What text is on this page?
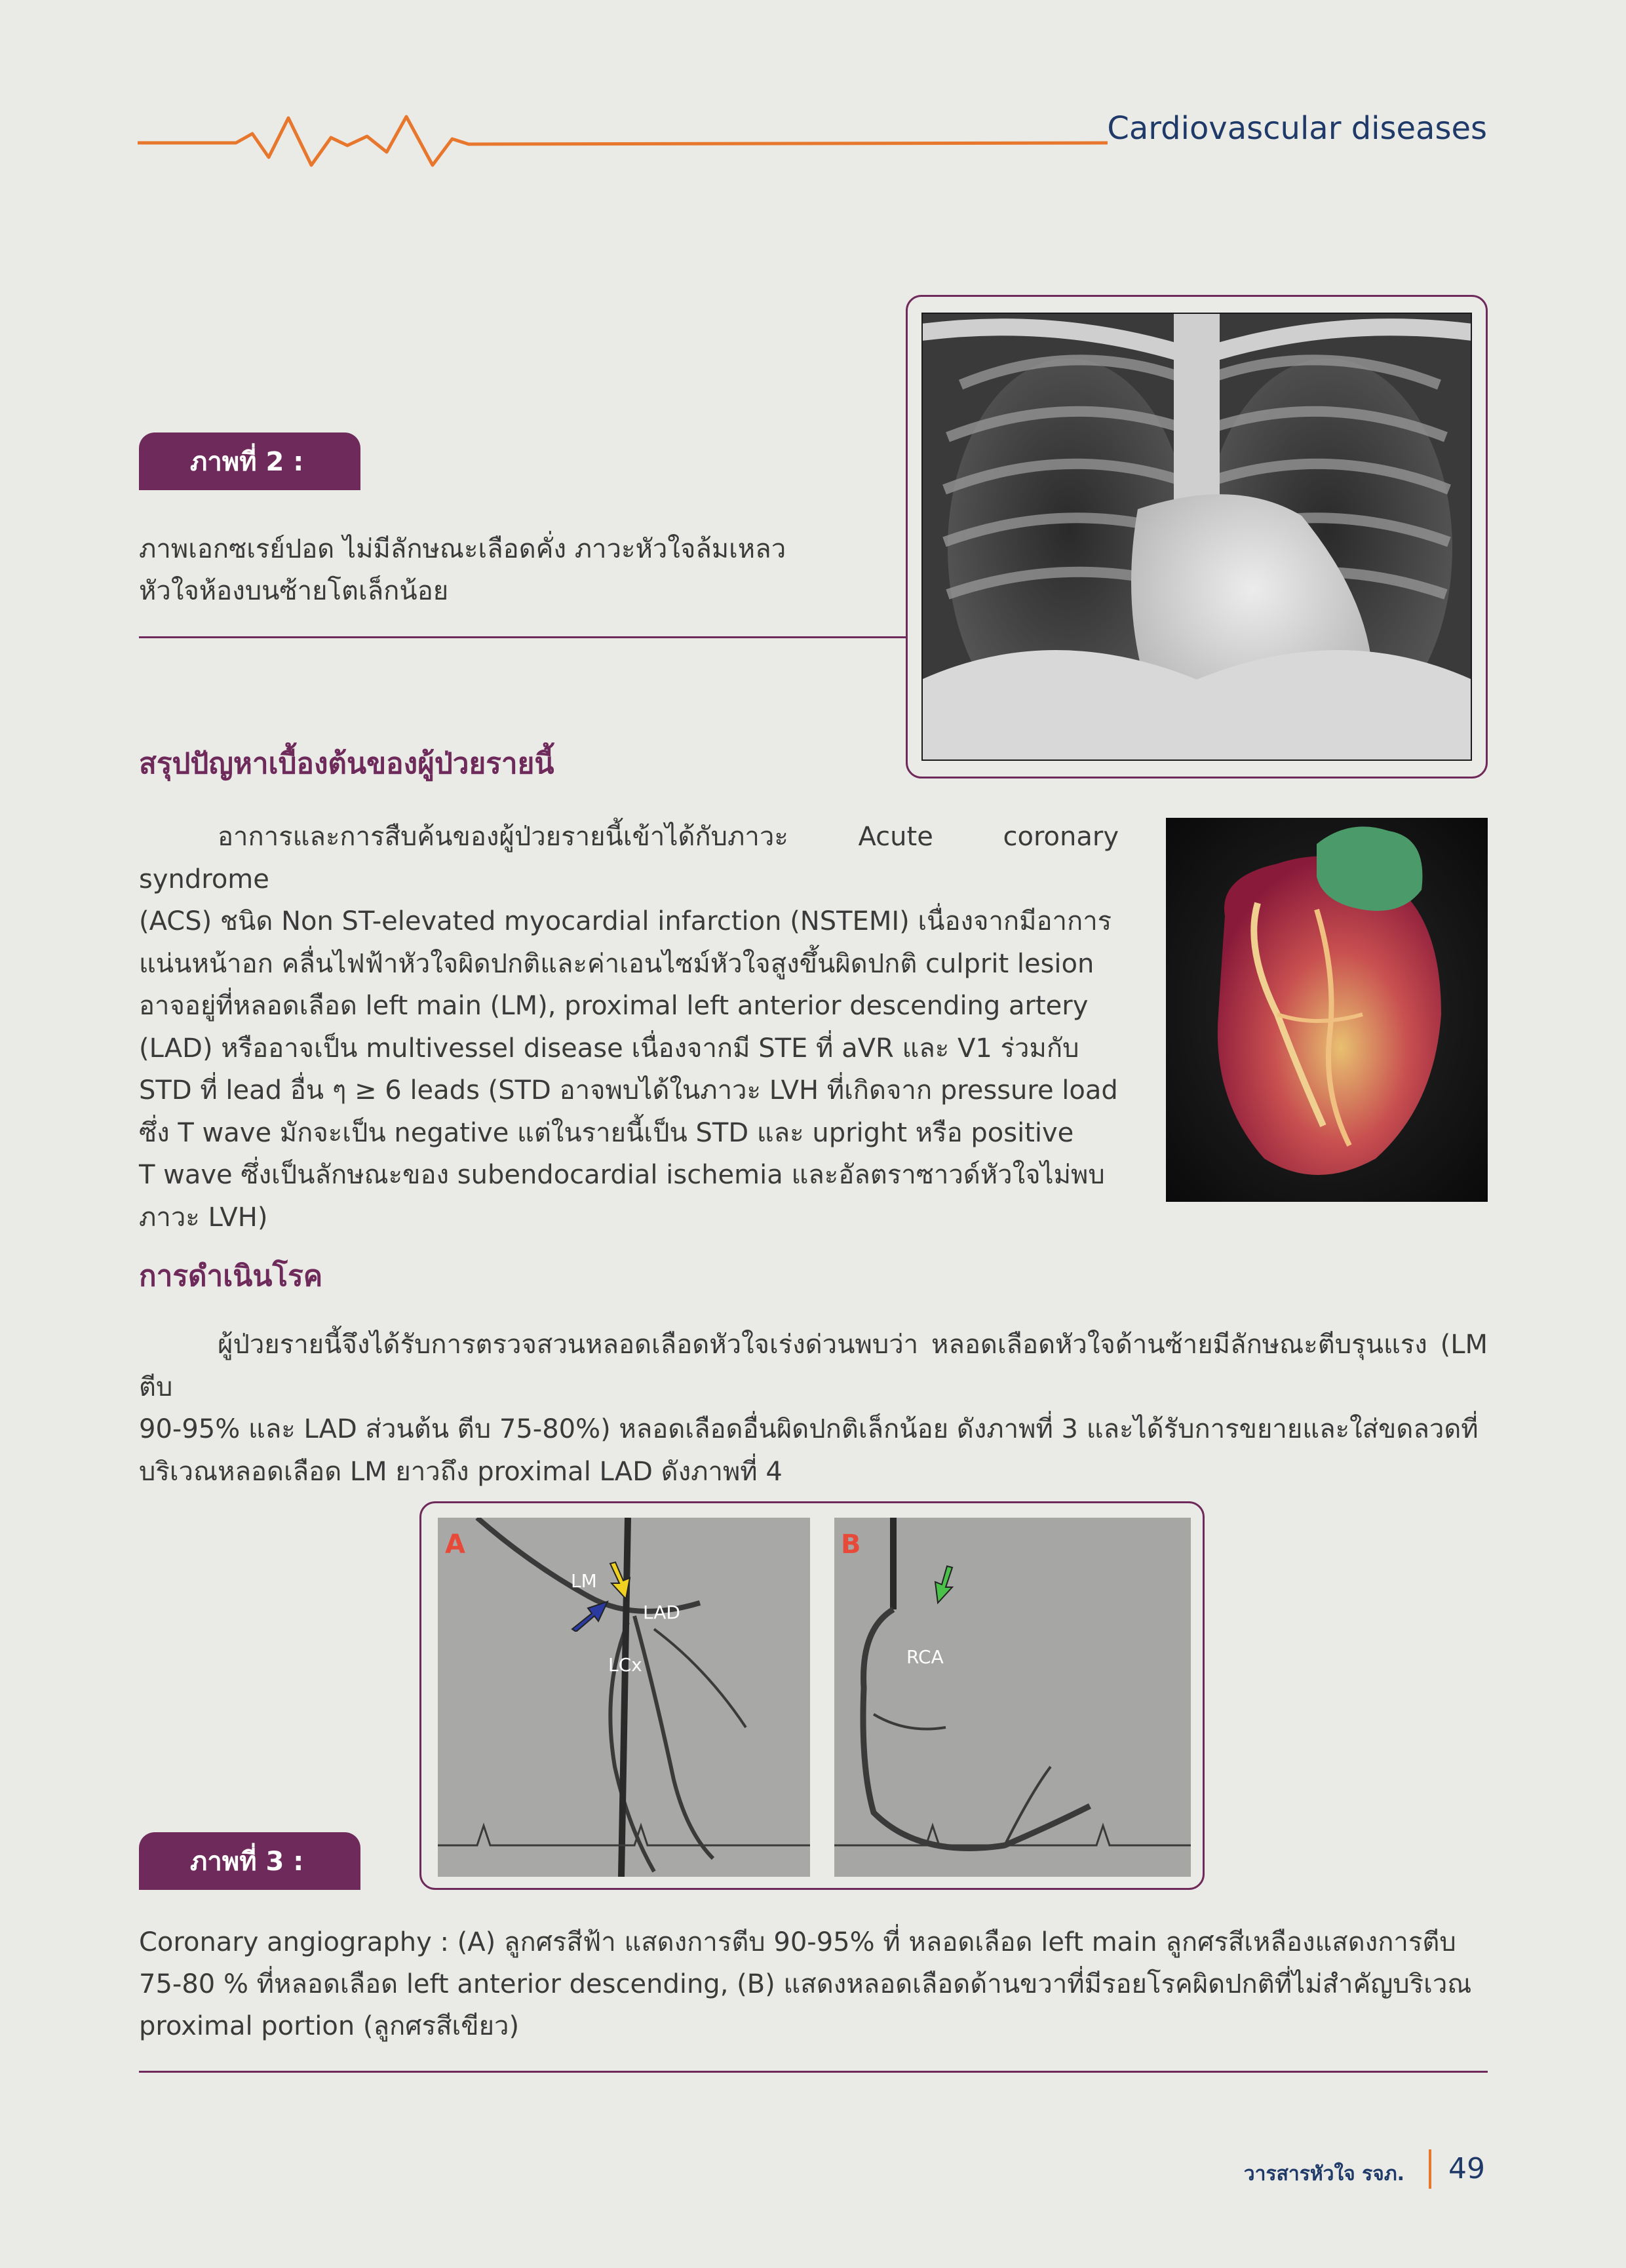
Cardiovascular diseases
ภาพที่ 2 :
ภาพเอกซเรย์ปอด ไม่มีลักษณะเลือดคั่ง ภาวะหัวใจล้มเหลว
หัวใจห้องบนซ้ายโตเล็กน้อย
สรุปปัญหาเบื้องต้นของผู้ป่วยรายนี้
อาการและการสืบค้นของผู้ป่วยรายนี้เข้าได้กับภาวะ Acute coronary syndrome
(ACS) ชนิด Non ST-elevated myocardial infarction (NSTEMI) เนื่องจากมีอาการ
แน่นหน้าอก คลื่นไฟฟ้าหัวใจผิดปกติและค่าเอนไซม์หัวใจสูงขึ้นผิดปกติ culprit lesion
อาจอยู่ที่หลอดเลือด left main (LM), proximal left anterior descending artery
(LAD) หรืออาจเป็น multivessel disease เนื่องจากมี STE ที่ aVR และ V1 ร่วมกับ
STD ที่ lead อื่น ๆ ≥ 6 leads (STD อาจพบได้ในภาวะ LVH ที่เกิดจาก pressure load
ซึ่ง T wave มักจะเป็น negative แต่ในรายนี้เป็น STD และ upright หรือ positive
T wave ซึ่งเป็นลักษณะของ subendocardial ischemia และอัลตราซาวด์หัวใจไม่พบ
ภาวะ LVH)
การดำเนินโรค
ผู้ป่วยรายนี้จึงได้รับการตรวจสวนหลอดเลือดหัวใจเร่งด่วนพบว่า หลอดเลือดหัวใจด้านซ้ายมีลักษณะตีบรุนแรง (LM ตีบ
90-95% และ LAD ส่วนต้น ตีบ 75-80%) หลอดเลือดอื่นผิดปกติเล็กน้อย ดังภาพที่ 3 และได้รับการขยายและใส่ขดลวดที่
บริเวณหลอดเลือด LM ยาวถึง proximal LAD ดังภาพที่ 4
A
LM
LAD
LCx
B
RCA
ภาพที่ 3 :
Coronary angiography : (A) ลูกศรสีฟ้า แสดงการตีบ 90-95% ที่ หลอดเลือด left main ลูกศรสีเหลืองแสดงการตีบ
75-80 % ที่หลอดเลือด left anterior descending, (B) แสดงหลอดเลือดด้านขวาที่มีรอยโรคผิดปกติที่ไม่สำคัญบริเวณ
proximal portion (ลูกศรสีเขียว)
วารสารหัวใจ รจภ. 49
